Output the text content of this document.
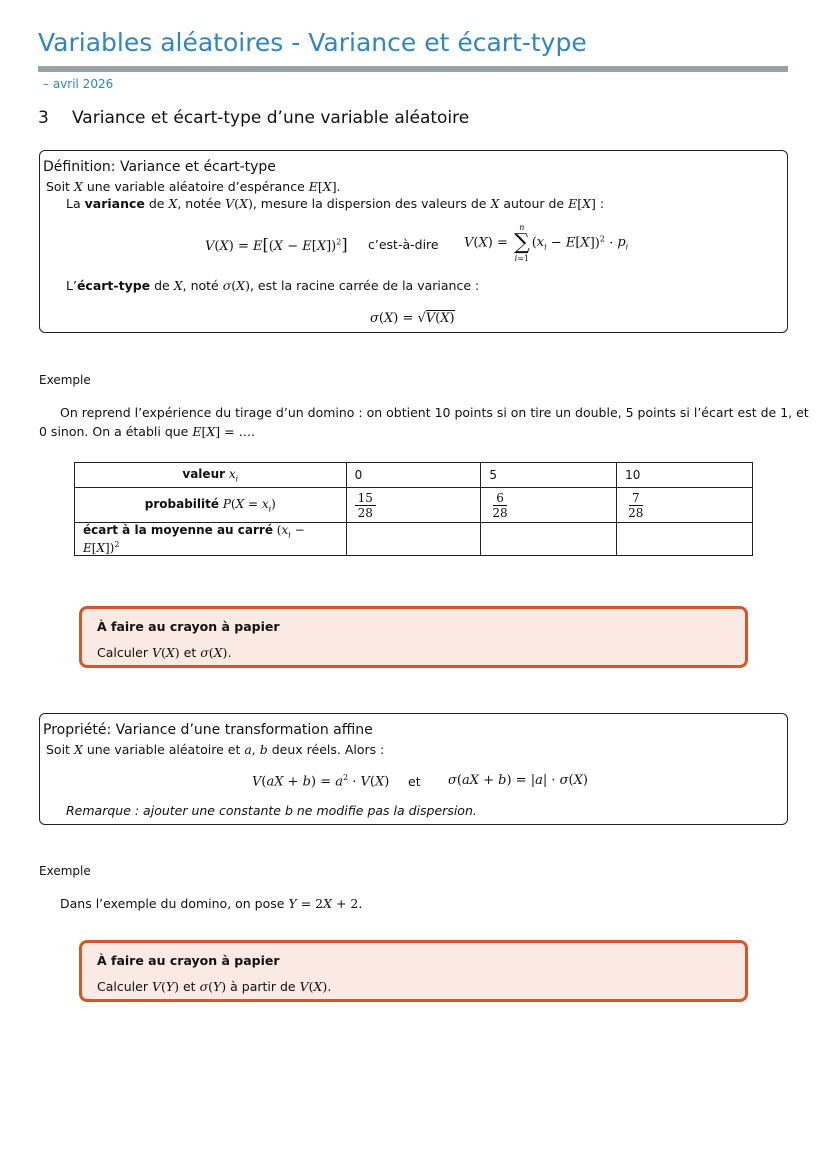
Variables aléatoires - Variance et écart-type
– avril 2026
3 Variance et écart-type d’une variable aléatoire
Définition: Variance et écart-type
Soit X une variable aléatoire d’espérance E[X].
La variance de X, notée V(X), mesure la dispersion des valeurs de X autour de E[X] :
$V(X) = E[(X - E[X])^2]$ c’est-à-dire V(X) =
n
∑
i=1
$(x_i - E[X])^2 \cdot p_i$
L’écart-type de X, noté σ(X), est la racine carrée de la variance :
σ(X) = √V(X)
Exemple
On reprend l’expérience du tirage d’un domino : on obtient 10 points si on tire un double, 5 points si l’écart est de 1, et
0 sinon. On a établi que E[X] = ….
valeur $x_i$	0	5	10
probabilité $P(X = x_i)$	$\frac{15}{28}$	$\frac{6}{28}$	$\frac{7}{28}$

écart à la moyenne au carré $(x_i - E[X])^2$			
À faire au crayon à papier
Calculer V(X) et σ(X).
Propriété: Variance d’une transformation affine
Soit X une variable aléatoire et a, b deux réels. Alors :
$V(aX + b) = a^2 \cdot V(X)$ et σ(aX + b) = |a| · σ(X)
Remarque : ajouter une constante b ne modifie pas la dispersion.
Exemple
Dans l’exemple du domino, on pose Y = 2X + 2.
À faire au crayon à papier
Calculer V(Y) et σ(Y) à partir de V(X).
